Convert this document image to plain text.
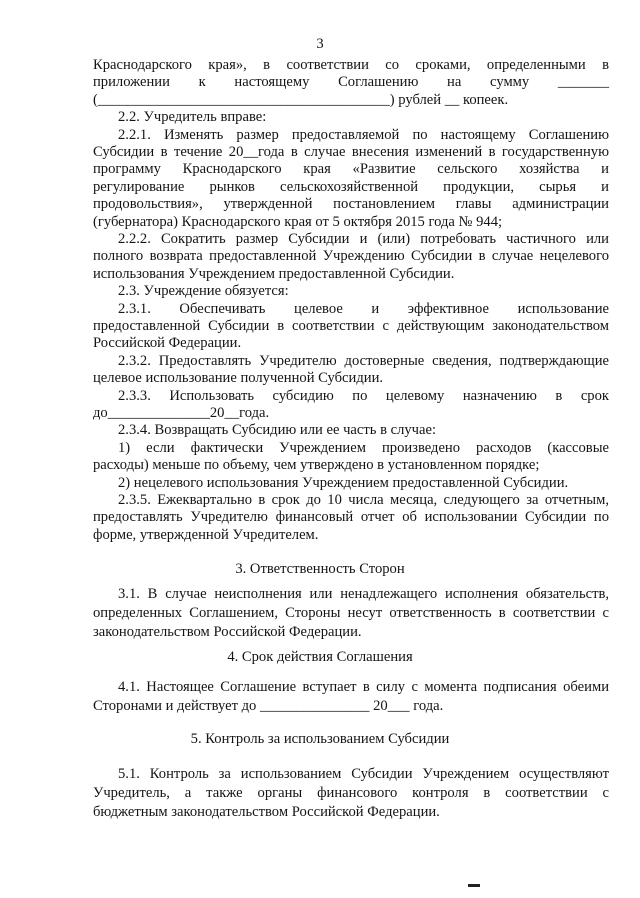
3
Краснодарского края», в соответствии со сроками, определенными в
приложении к настоящему Соглашению на сумму _______
(________________________________________) рублей __ копеек.
2.2. Учредитель вправе:
2.2.1. Изменять размер предоставляемой по настоящему Соглашению
Субсидии в течение 20__года в случае внесения изменений в государственную
программу Краснодарского края «Развитие сельского хозяйства и
регулирование рынков сельскохозяйственной продукции, сырья и
продовольствия», утвержденной постановлением главы администрации
(губернатора) Краснодарского края от 5 октября 2015 года № 944;
2.2.2. Сократить размер Субсидии и (или) потребовать частичного или
полного возврата предоставленной Учреждению Субсидии в случае нецелевого
использования Учреждением предоставленной Субсидии.
2.3. Учреждение обязуется:
2.3.1. Обеспечивать целевое и эффективное использование
предоставленной Субсидии в соответствии с действующим законодательством
Российской Федерации.
2.3.2. Предоставлять Учредителю достоверные сведения, подтверждающие
целевое использование полученной Субсидии.
2.3.3. Использовать субсидию по целевому назначению в срок
до______________20__года.
2.3.4. Возвращать Субсидию или ее часть в случае:
1) если фактически Учреждением произведено расходов (кассовые
расходы) меньше по объему, чем утверждено в установленном порядке;
2) нецелевого использования Учреждением предоставленной Субсидии.
2.3.5. Ежеквартально в срок до 10 числа месяца, следующего за отчетным,
предоставлять Учредителю финансовый отчет об использовании Субсидии по
форме, утвержденной Учредителем.
3. Ответственность Сторон
3.1. В случае неисполнения или ненадлежащего исполнения обязательств,
определенных Соглашением, Стороны несут ответственность в соответствии с
законодательством Российской Федерации.
4. Срок действия Соглашения
4.1. Настоящее Соглашение вступает в силу с момента подписания обеими
Сторонами и действует до _______________ 20___ года.
5. Контроль за использованием Субсидии
5.1. Контроль за использованием Субсидии Учреждением осуществляют
Учредитель, а также органы финансового контроля в соответствии с
бюджетным законодательством Российской Федерации.
